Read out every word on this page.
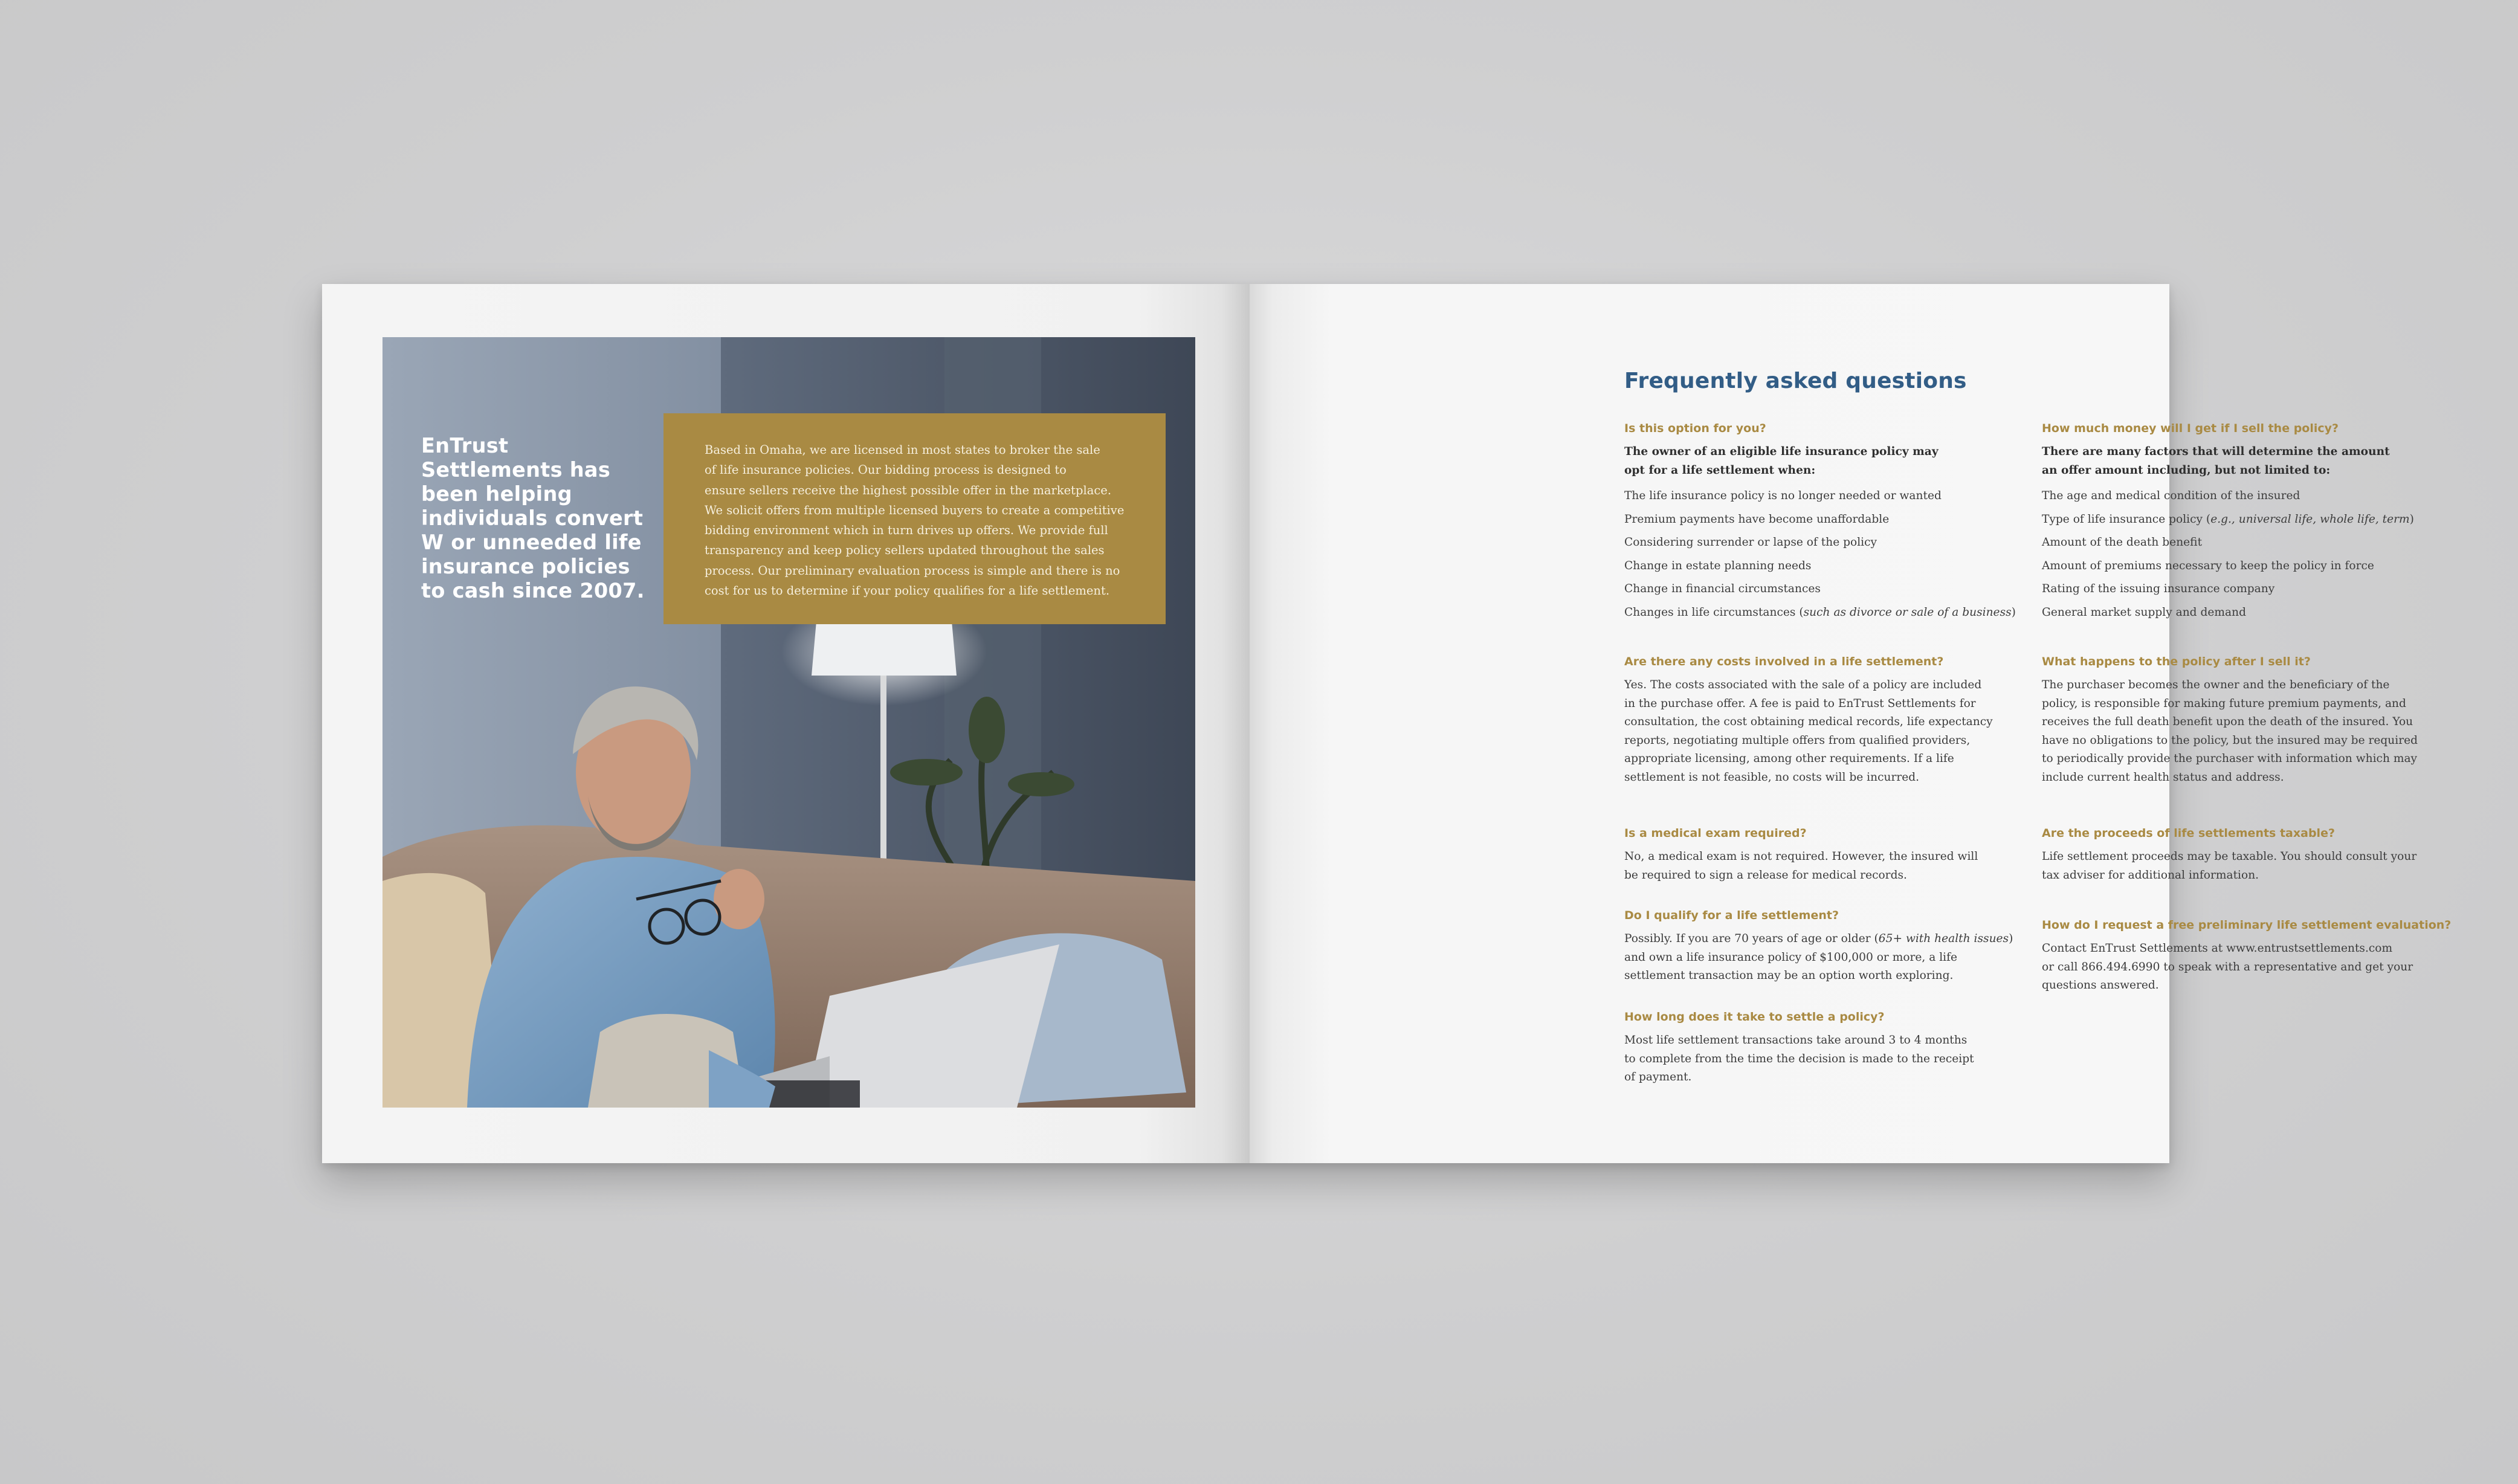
EnTrust Settlements has been helping individuals convert W or unneeded life insurance policies to cash since 2007.

Based in Omaha, we are licensed in most states to broker the sale
of life insurance policies. Our bidding process is designed to
ensure sellers receive the highest possible offer in the marketplace.
We solicit offers from multiple licensed buyers to create a competitive
bidding environment which in turn drives up offers. We provide full
transparency and keep policy sellers updated throughout the sales
process. Our preliminary evaluation process is simple and there is no
cost for us to determine if your policy qualifies for a life settlement.

Frequently asked questions

Is this option for you?

The owner of an eligible life insurance policy may
opt for a life settlement when:

The life insurance policy is no longer needed or wanted
Premium payments have become unaffordable
Considering surrender or lapse of the policy
Change in estate planning needs
Change in financial circumstances
Changes in life circumstances (such as divorce or sale of a business)

Are there any costs involved in a life settlement?

Yes. The costs associated with the sale of a policy are included
in the purchase offer. A fee is paid to EnTrust Settlements for
consultation, the cost obtaining medical records, life expectancy
reports, negotiating multiple offers from qualified providers,
appropriate licensing, among other requirements. If a life
settlement is not feasible, no costs will be incurred.

Is a medical exam required?

No, a medical exam is not required. However, the insured will
be required to sign a release for medical records.

Do I qualify for a life settlement?

Possibly. If you are 70 years of age or older (65+ with health issues)
and own a life insurance policy of $100,000 or more, a life
settlement transaction may be an option worth exploring.

How long does it take to settle a policy?

Most life settlement transactions take around 3 to 4 months
to complete from the time the decision is made to the receipt
of payment.

How much money will I get if I sell the policy?

There are many factors that will determine the amount
an offer amount including, but not limited to:

The age and medical condition of the insured
Type of life insurance policy (e.g., universal life, whole life, term)
Amount of the death benefit
Amount of premiums necessary to keep the policy in force
Rating of the issuing insurance company
General market supply and demand

What happens to the policy after I sell it?

The purchaser becomes the owner and the beneficiary of the
policy, is responsible for making future premium payments, and
receives the full death benefit upon the death of the insured. You
have no obligations to the policy, but the insured may be required
to periodically provide the purchaser with information which may
include current health status and address.

Are the proceeds of life settlements taxable?

Life settlement proceeds may be taxable. You should consult your
tax adviser for additional information.

How do I request a free preliminary life settlement evaluation?

Contact EnTrust Settlements at www.entrustsettlements.com
or call 866.494.6990 to speak with a representative and get your
questions answered.
